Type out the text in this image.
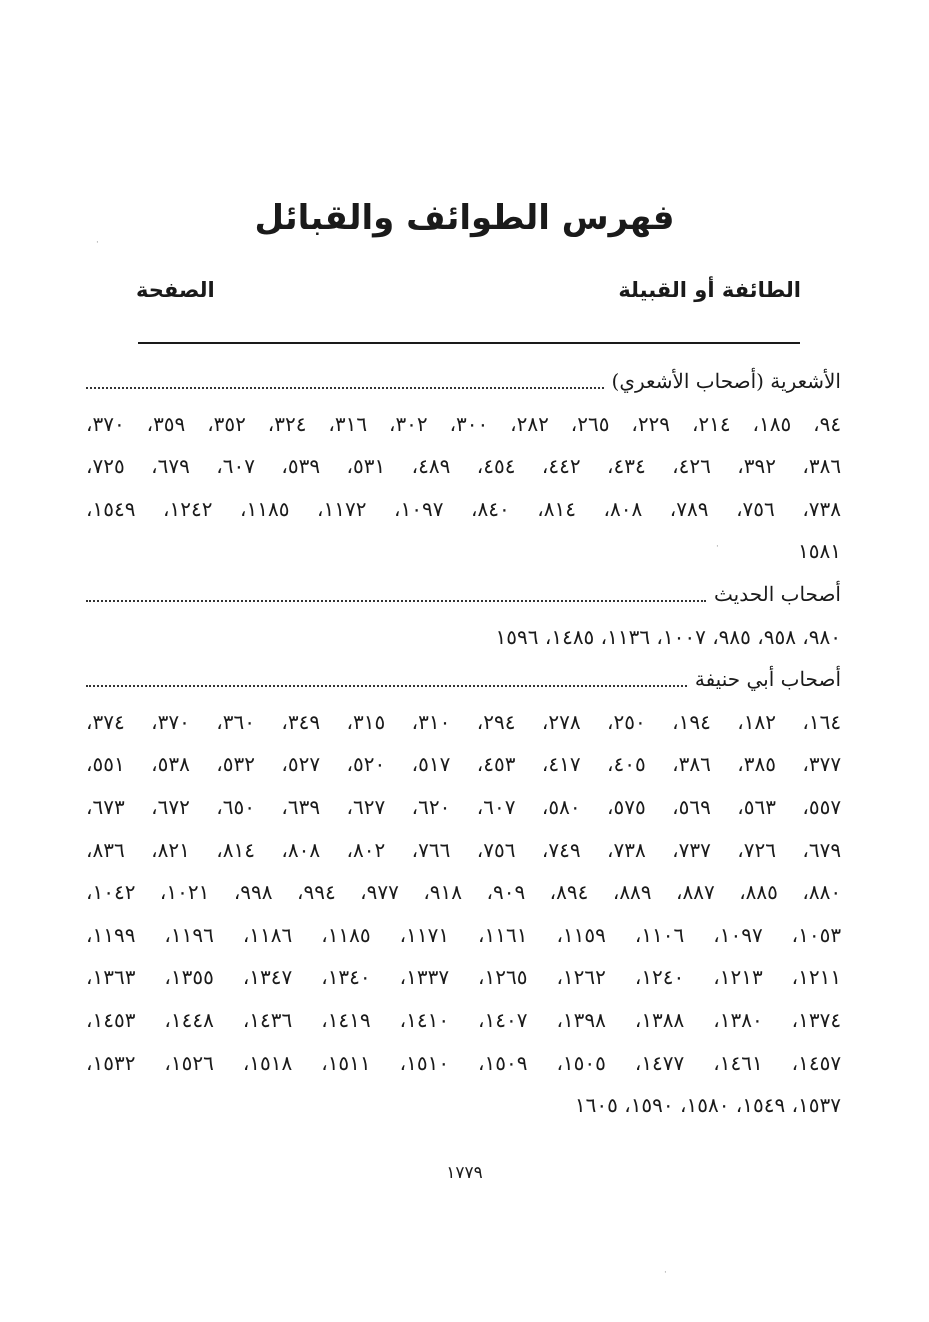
·
·
·
فهرس الطوائف والقبائل
الطائفة أو القبيلة
الصفحة
الأشعرية (أصحاب الأشعري)
٩٤، ١٨٥، ٢١٤، ٢٢٩، ٢٦٥، ٢٨٢، ٣٠٠، ٣٠٢، ٣١٦، ٣٢٤، ٣٥٢، ٣٥٩، ٣٧٠،
٣٨٦، ٣٩٢، ٤٢٦، ٤٣٤، ٤٤٢، ٤٥٤، ٤٨٩، ٥٣١، ٥٣٩، ٦٠٧، ٦٧٩، ٧٢٥،
٧٣٨، ٧٥٦، ٧٨٩، ٨٠٨، ٨١٤، ٨٤٠، ١٠٩٧، ١١٧٢، ١١٨٥، ١٢٤٢، ١٥٤٩،
١٥٨١
أصحاب الحديث
٩٨٠، ٩٥٨، ٩٨٥، ١٠٠٧، ١١٣٦، ١٤٨٥، ١٥٩٦
أصحاب أبي حنيفة
١٦٤، ١٨٢، ١٩٤، ٢٥٠، ٢٧٨، ٢٩٤، ٣١٠، ٣١٥، ٣٤٩، ٣٦٠، ٣٧٠، ٣٧٤،
٣٧٧، ٣٨٥، ٣٨٦، ٤٠٥، ٤١٧، ٤٥٣، ٥١٧، ٥٢٠، ٥٢٧، ٥٣٢، ٥٣٨، ٥٥١،
٥٥٧، ٥٦٣، ٥٦٩، ٥٧٥، ٥٨٠، ٦٠٧، ٦٢٠، ٦٢٧، ٦٣٩، ٦٥٠، ٦٧٢، ٦٧٣،
٦٧٩، ٧٢٦، ٧٣٧، ٧٣٨، ٧٤٩، ٧٥٦، ٧٦٦، ٨٠٢، ٨٠٨، ٨١٤، ٨٢١، ٨٣٦،
٨٨٠، ٨٨٥، ٨٨٧، ٨٨٩، ٨٩٤، ٩٠٩، ٩١٨، ٩٧٧، ٩٩٤، ٩٩٨، ١٠٢١، ١٠٤٢،
١٠٥٣، ١٠٩٧، ١١٠٦، ١١٥٩، ١١٦١، ١١٧١، ١١٨٥، ١١٨٦، ١١٩٦، ١١٩٩،
١٢١١، ١٢١٣، ١٢٤٠، ١٢٦٢، ١٢٦٥، ١٣٣٧، ١٣٤٠، ١٣٤٧، ١٣٥٥، ١٣٦٣،
١٣٧٤، ١٣٨٠، ١٣٨٨، ١٣٩٨، ١٤٠٧، ١٤١٠، ١٤١٩، ١٤٣٦، ١٤٤٨، ١٤٥٣،
١٤٥٧، ١٤٦١، ١٤٧٧، ١٥٠٥، ١٥٠٩، ١٥١٠، ١٥١١، ١٥١٨، ١٥٢٦، ١٥٣٢،
١٥٣٧، ١٥٤٩، ١٥٨٠، ١٥٩٠، ١٦٠٥
١٧٧٩
